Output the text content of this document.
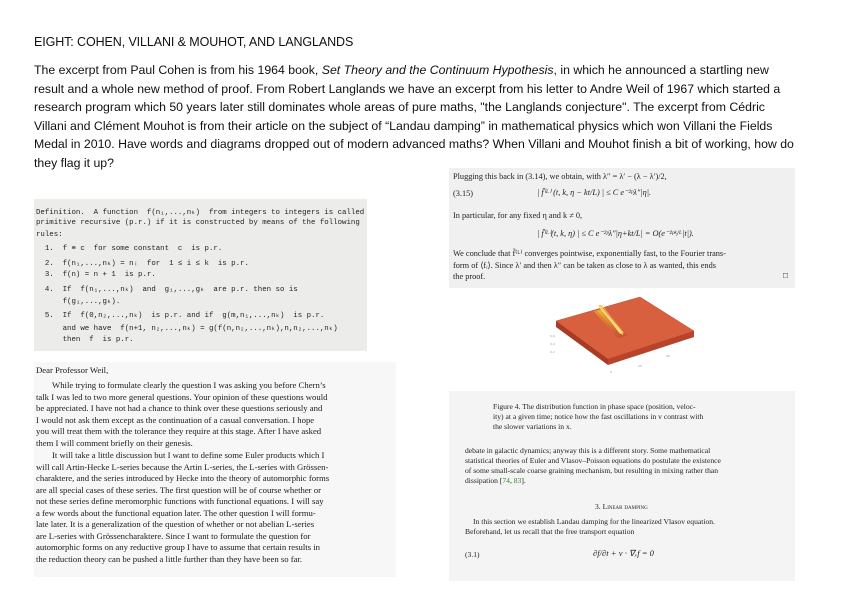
EIGHT: COHEN, VILLANI & MOUHOT, AND LANGLANDS
The excerpt from Paul Cohen is from his 1964 book, Set Theory and the Continuum Hypothesis, in which he announced a startling new result and a whole new method of proof. From Robert Langlands we have an excerpt from his letter to Andre Weil of 1967 which started a research program which 50 years later still dominates whole areas of pure maths, "the Langlands conjecture". The excerpt from Cédric Villani and Clément Mouhot is from their article on the subject of “Landau damping” in mathematical physics which won Villani the Fields Medal in 2010. Have words and diagrams dropped out of modern advanced maths? When Villani and Mouhot finish a bit of working, how do they flag it up?
Definition.  A function  f(n₁,...,nₖ)  from integers to integers is called
primitive recursive (p.r.) if it is constructed by means of the following
rules:
1.  f ≡ c  for some constant  c  is p.r.
2.  f(n₁,...,nₖ) = nᵢ  for  1 ≤ i ≤ k  is p.r.
3.  f(n) = n + 1  is p.r.
4.  If  f(n₁,...,nₖ)  and  g₁,...,gₖ  are p.r. then so is
f(g₁,...,gₖ).
5.  If  f(0,n₂,...,nₖ)  is p.r. and if  g(m,n₁,...,nₖ)  is p.r.
and we have  f(n+1, n₂,...,nₖ) = g(f(n,n₂,...,nₖ),n,n₂,...,nₖ)
then  f  is p.r.
Dear Professor Weil,
While trying to formulate clearly the question I was asking you before Chern’s
talk I was led to two more general questions. Your opinion of these questions would
be appreciated. I have not had a chance to think over these questions seriously and
I would not ask them except as the continuation of a casual conversation. I hope
you will treat them with the tolerance they require at this stage. After I have asked
them I will comment briefly on their genesis.
It will take a little discussion but I want to define some Euler products which I
will call Artin-Hecke L-series because the Artin L-series, the L-series with Grössen-
charaktere, and the series introduced by Hecke into the theory of automorphic forms
are all special cases of these series. The first question will be of course whether or
not these series define meromorphic functions with functional equations. I will say
a few words about the functional equation later. The other question I will formu-
late later. It is a generalization of the question of whether or not abelian L-series
are L-series with Grössencharaktere. Since I want to formulate the question for
automorphic forms on any reductive group I have to assume that certain results in
the reduction theory can be pushed a little further than they have been so far.
Plugging this back in (3.14), we obtain, with λ″ = λ′ − (λ − λ′)/2,
(3.15)	| f̃⁽ᴸ⁾ (t, k, η − kt/L) | ≤ C e⁻²ᵖλ″|η|.
In particular, for any fixed η and k ≠ 0,
| f̃⁽ᴸ⁾(t, k, η) | ≤ C e⁻²ᵖλ″|η+kt/L| = O(e⁻²ᵖᵏ/ᴸ|t|).
We conclude that f̃⁽ᴸ⁾ converges pointwise, exponentially fast, to the Fourier trans-
form of ⟨fᵢ⟩. Since λ′ and then λ″ can be taken as close to λ as wanted, this ends
the proof.	□
0.6
0.4
0.2
0
20
40
Figure 4. The distribution function in phase space (position, veloc-
ity) at a given time; notice how the fast oscillations in v contrast with
the slower variations in x.
debate in galactic dynamics; anyway this is a different story. Some mathematical
statistical theories of Euler and Vlasov–Poisson equations do postulate the existence
of some small-scale coarse graining mechanism, but resulting in mixing rather than
dissipation [74, 83].
3. Linear damping
In this section we establish Landau damping for the linearized Vlasov equation.
Beforehand, let us recall that the free transport equation
(3.1)	∂f/∂t + v · ∇ₓf = 0
